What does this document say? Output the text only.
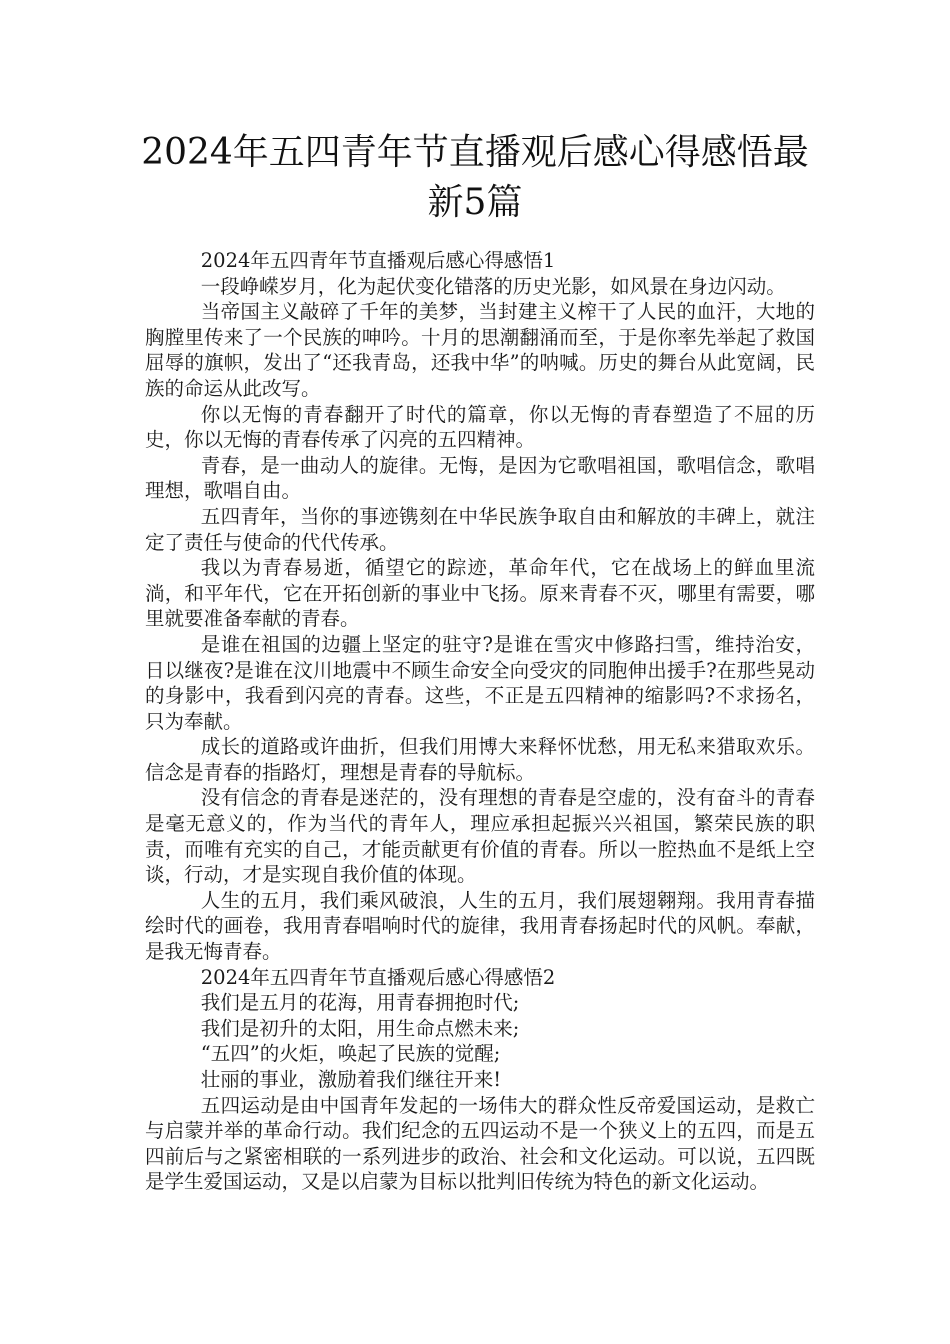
2024年五四青年节直播观后感心得感悟最
新5篇

2024年五四青年节直播观后感心得感悟1

一段峥嵘岁月，化为起伏变化错落的历史光影，如风景在身边闪动。

当帝国主义敲碎了千年的美梦，当封建主义榨干了人民的血汗，大地的胸膛里传来了一个民族的呻吟。十月的思潮翻涌而至，于是你率先举起了救国屈辱的旗帜，发出了“还我青岛，还我中华”的呐喊。历史的舞台从此宽阔，民族的命运从此改写。

你以无悔的青春翻开了时代的篇章，你以无悔的青春塑造了不屈的历史，你以无悔的青春传承了闪亮的五四精神。

青春，是一曲动人的旋律。无悔，是因为它歌唱祖国，歌唱信念，歌唱理想，歌唱自由。

五四青年，当你的事迹镌刻在中华民族争取自由和解放的丰碑上，就注定了责任与使命的代代传承。

我以为青春易逝，循望它的踪迹，革命年代，它在战场上的鲜血里流淌，和平年代，它在开拓创新的事业中飞扬。原来青春不灭，哪里有需要，哪里就要准备奉献的青春。

是谁在祖国的边疆上坚定的驻守?是谁在雪灾中修路扫雪，维持治安，日以继夜?是谁在汶川地震中不顾生命安全向受灾的同胞伸出援手?在那些晃动的身影中，我看到闪亮的青春。这些，不正是五四精神的缩影吗?不求扬名，只为奉献。

成长的道路或许曲折，但我们用博大来释怀忧愁，用无私来猎取欢乐。信念是青春的指路灯，理想是青春的导航标。

没有信念的青春是迷茫的，没有理想的青春是空虚的，没有奋斗的青春是毫无意义的，作为当代的青年人，理应承担起振兴兴祖国，繁荣民族的职责，而唯有充实的自己，才能贡献更有价值的青春。所以一腔热血不是纸上空谈，行动，才是实现自我价值的体现。

人生的五月，我们乘风破浪，人生的五月，我们展翅翱翔。我用青春描绘时代的画卷，我用青春唱响时代的旋律，我用青春扬起时代的风帆。奉献，是我无悔青春。

2024年五四青年节直播观后感心得感悟2

我们是五月的花海，用青春拥抱时代;

我们是初升的太阳，用生命点燃未来;

“五四”的火炬，唤起了民族的觉醒;

壮丽的事业，激励着我们继往开来!

五四运动是由中国青年发起的一场伟大的群众性反帝爱国运动，是救亡与启蒙并举的革命行动。我们纪念的五四运动不是一个狭义上的五四，而是五四前后与之紧密相联的一系列进步的政治、社会和文化运动。可以说，五四既是学生爱国运动，又是以启蒙为目标以批判旧传统为特色的新文化运动。
